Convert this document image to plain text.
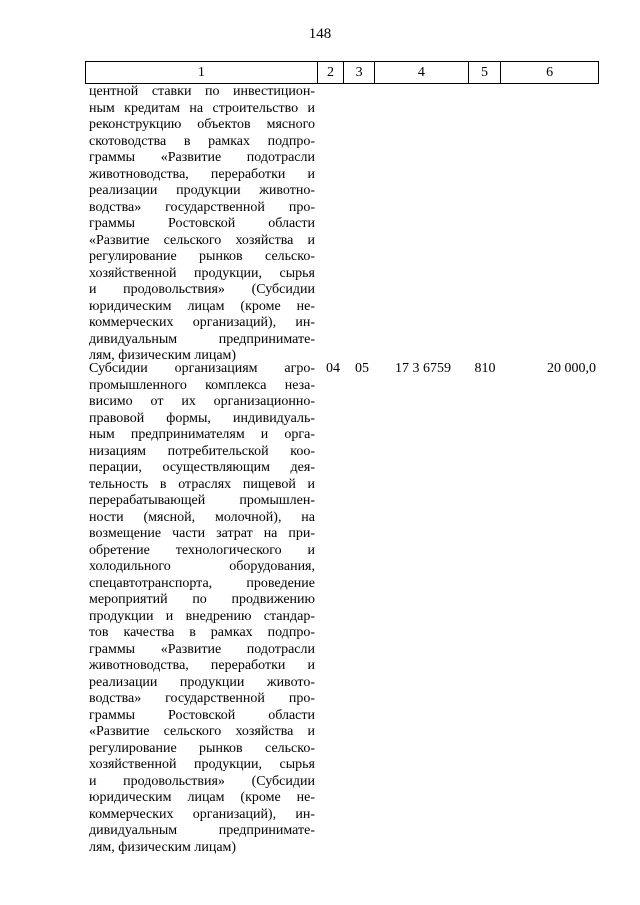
148
1	2	3	4	5	6
центной ставки по инвестицион-
ным кредитам на строительство и
реконструкцию объектов мясного
скотоводства в рамках подпро-
граммы «Развитие подотрасли
животноводства, переработки и
реализации продукции животно-
водства» государственной про-
граммы Ростовской области
«Развитие сельского хозяйства и
регулирование рынков сельско-
хозяйственной продукции, сырья
и продовольствия» (Субсидии
юридическим лицам (кроме не-
коммерческих организаций), ин-
дивидуальным предпринимате-
лям, физическим лицам)
Субсидии организациям агро-
промышленного комплекса неза-
висимо от их организационно-
правовой формы, индивидуаль-
ным предпринимателям и орга-
низациям потребительской коо-
перации, осуществляющим дея-
тельность в отраслях пищевой и
перерабатывающей промышлен-
ности (мясной, молочной), на
возмещение части затрат на при-
обретение технологического и
холодильного оборудования,
спецавтотранспорта, проведение
мероприятий по продвижению
продукции и внедрению стандар-
тов качества в рамках подпро-
граммы «Развитие подотрасли
животноводства, переработки и
реализации продукции живото-
водства» государственной про-
граммы Ростовской области
«Развитие сельского хозяйства и
регулирование рынков сельско-
хозяйственной продукции, сырья
и продовольствия» (Субсидии
юридическим лицам (кроме не-
коммерческих организаций), ин-
дивидуальным предпринимате-
лям, физическим лицам)
04	05	17 3 6759	810	20 000,0
